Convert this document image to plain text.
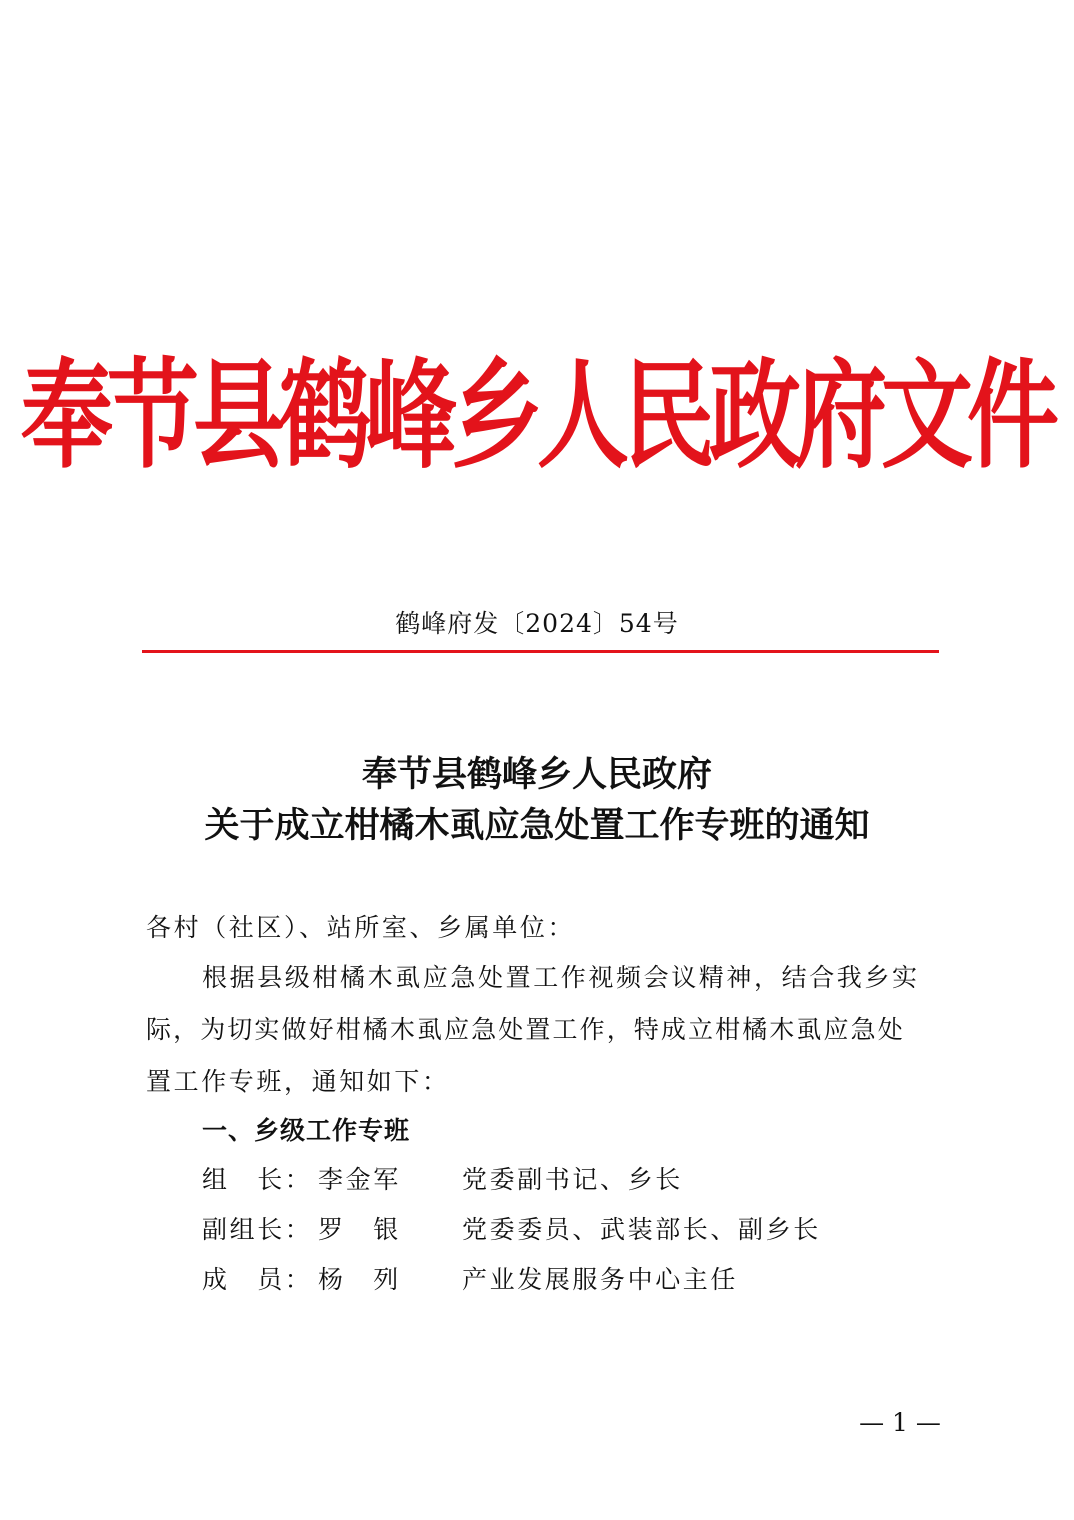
奉节县鹤峰乡人民政府文件
鹤峰府发〔2024〕54号
奉节县鹤峰乡人民政府
关于成立柑橘木虱应急处置工作专班的通知
各村（社区）、站所室、乡属单位：
根据县级柑橘木虱应急处置工作视频会议精神，结合我乡实
际，为切实做好柑橘木虱应急处置工作，特成立柑橘木虱应急处
置工作专班，通知如下：
一、乡级工作专班
组　长： 李金军 党委副书记、乡长
副组长： 罗　银 党委委员、武装部长、副乡长
成　员： 杨　列 产业发展服务中心主任
— 1 —
